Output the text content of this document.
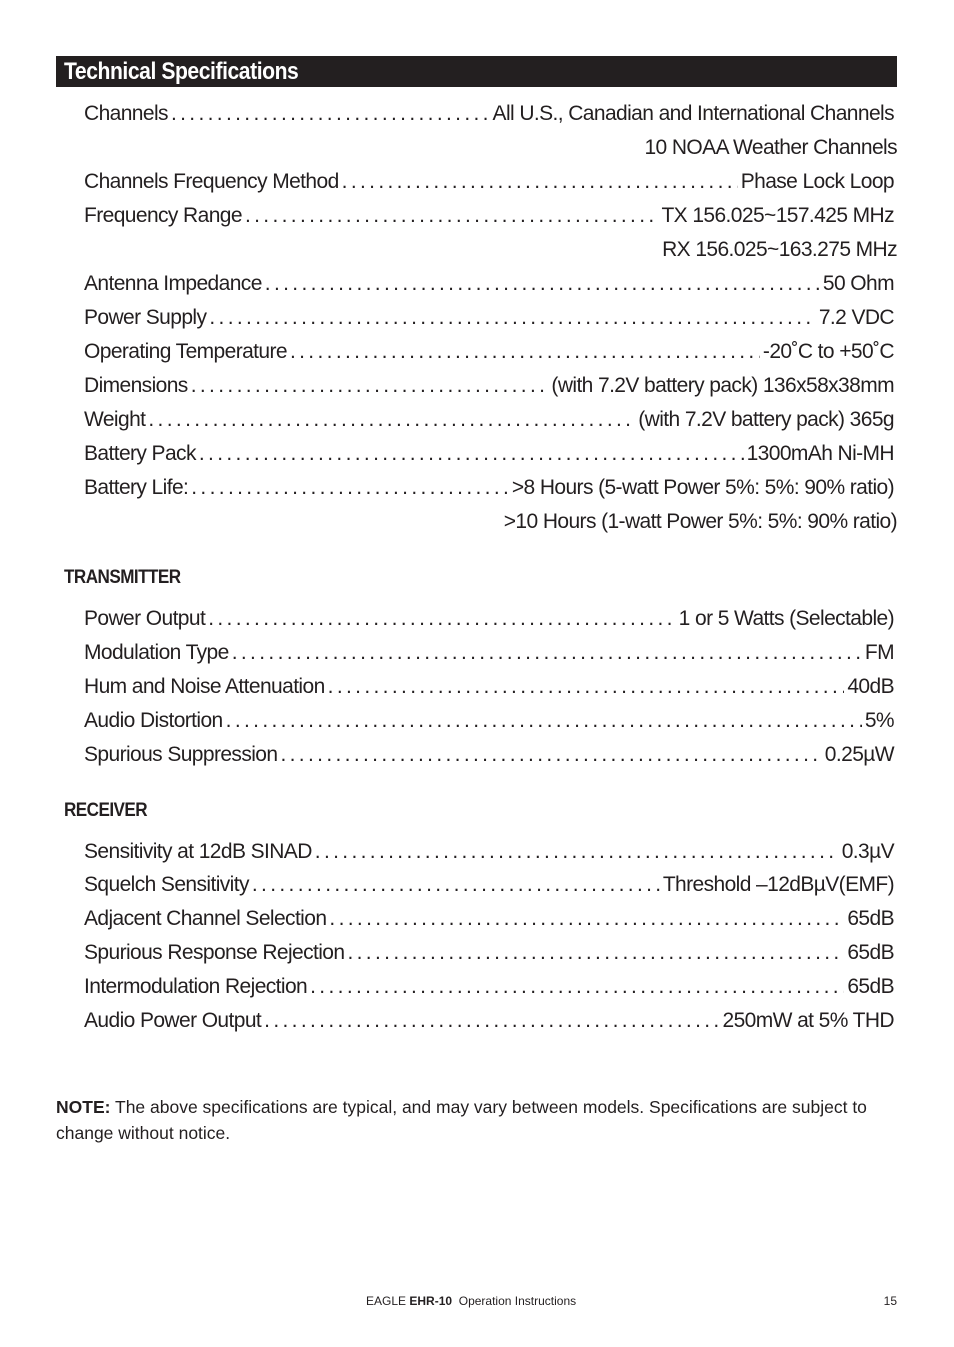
Technical Specifications
Channels . . .	All U.S., Canadian and International Channels
10 NOAA Weather Channels
Channels Frequency Method . . .	Phase Lock Loop
Frequency Range . . .	TX 156.025~157.425 MHz
RX 156.025~163.275 MHz
Antenna Impedance . . .	50 Ohm
Power Supply . . .	7.2 VDC
Operating Temperature . . .	-20˚C to +50˚C
Dimensions . . .	(with 7.2V battery pack) 136x58x38mm
Weight . . .	(with 7.2V battery pack) 365g
Battery Pack . . .	1300mAh Ni-MH
Battery Life: . . .	>8 Hours (5-watt Power 5%: 5%: 90% ratio)
>10 Hours (1-watt Power 5%: 5%: 90% ratio)
TRANSMITTER
Power Output . . .	1 or 5 Watts (Selectable)
Modulation Type . . .	FM
Hum and Noise Attenuation . . .	40dB
Audio Distortion . . .	5%
Spurious Suppression . . .	0.25µW
RECEIVER
Sensitivity at 12dB SINAD . . .	0.3µV
Squelch Sensitivity . . .	Threshold –12dBµV(EMF)
Adjacent Channel Selection . . .	65dB
Spurious Response Rejection . . .	65dB
Intermodulation Rejection . . .	65dB
Audio Power Output . . .	250mW at 5% THD
NOTE: The above specifications are typical, and may vary between models. Specifications are subject to change without notice.
EAGLE EHR-10 Operation Instructions	15
